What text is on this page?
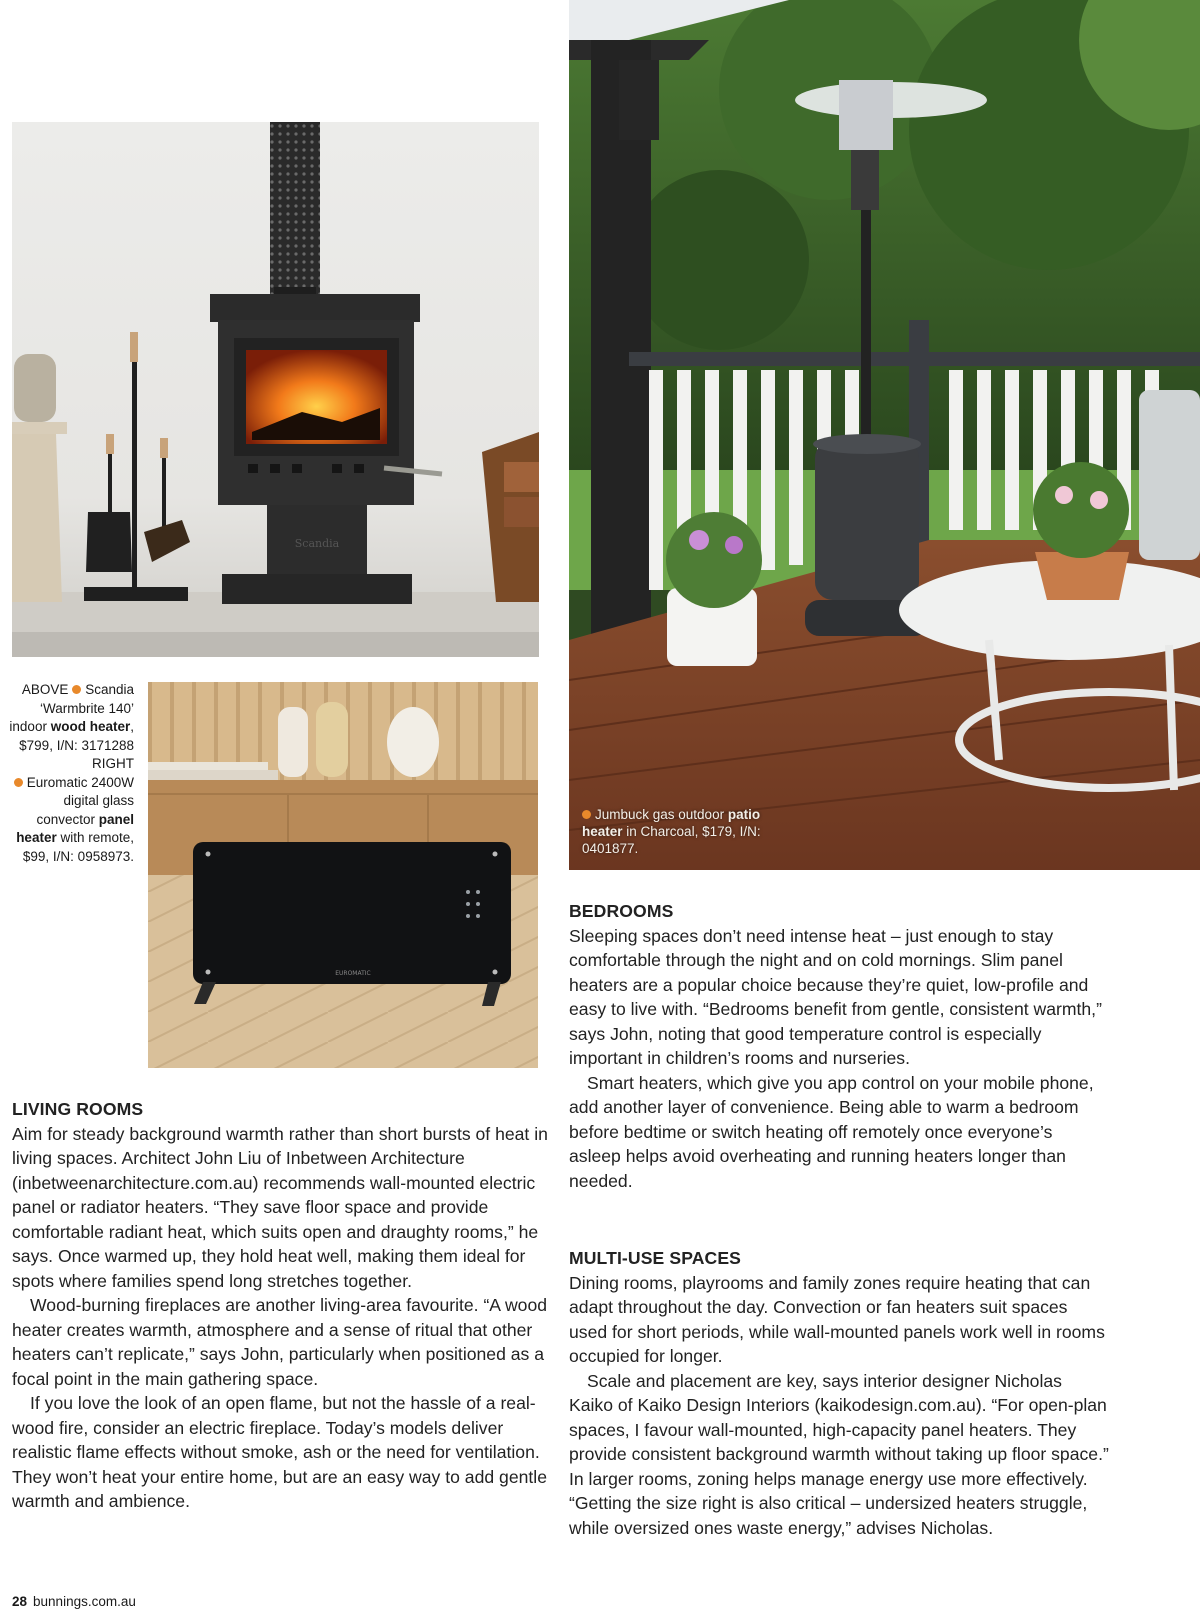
Scandia
EUROMATIC
Jumbuck gas outdoor patio heater in Charcoal, $179, I/N: 0401877.

ABOVE Scandia ‘Warmbrite 140’ indoor wood heater, $799, I/N: 3171288

RIGHT
Euromatic 2400W digital glass convector panel heater with remote, $99, I/N: 0958973.

LIVING ROOMS

Aim for steady background warmth rather than short bursts of heat in living spaces. Architect John Liu of Inbetween Architecture (inbetweenarchitecture.com.au) recommends wall-mounted electric panel or radiator heaters. “They save floor space and provide comfortable radiant heat, which suits open and draughty rooms,” he says. Once warmed up, they hold heat well, making them ideal for spots where families spend long stretches together.

Wood-burning fireplaces are another living-area favourite. “A wood heater creates warmth, atmosphere and a sense of ritual that other heaters can’t replicate,” says John, particularly when positioned as a focal point in the main gathering space.

If you love the look of an open flame, but not the hassle of a real-wood fire, consider an electric fireplace. Today’s models deliver realistic flame effects without smoke, ash or the need for ventilation. They won’t heat your entire home, but are an easy way to add gentle warmth and ambience.

BEDROOMS

Sleeping spaces don’t need intense heat – just enough to stay comfortable through the night and on cold mornings. Slim panel heaters are a popular choice because they’re quiet, low-profile and easy to live with. “Bedrooms benefit from gentle, consistent warmth,” says John, noting that good temperature control is especially important in children’s rooms and nurseries.

Smart heaters, which give you app control on your mobile phone, add another layer of convenience. Being able to warm a bedroom before bedtime or switch heating off remotely once everyone’s asleep helps avoid overheating and running heaters longer than needed.

MULTI-USE SPACES

Dining rooms, playrooms and family zones require heating that can adapt throughout the day. Convection or fan heaters suit spaces used for short periods, while wall-mounted panels work well in rooms occupied for longer.

Scale and placement are key, says interior designer Nicholas Kaiko of Kaiko Design Interiors (kaikodesign.com.au). “For open-plan spaces, I favour wall-mounted, high-capacity panel heaters. They provide consistent background warmth without taking up floor space.” In larger rooms, zoning helps manage energy use more effectively. “Getting the size right is also critical – undersized heaters struggle, while oversized ones waste energy,” advises Nicholas.

28 bunnings.com.au
